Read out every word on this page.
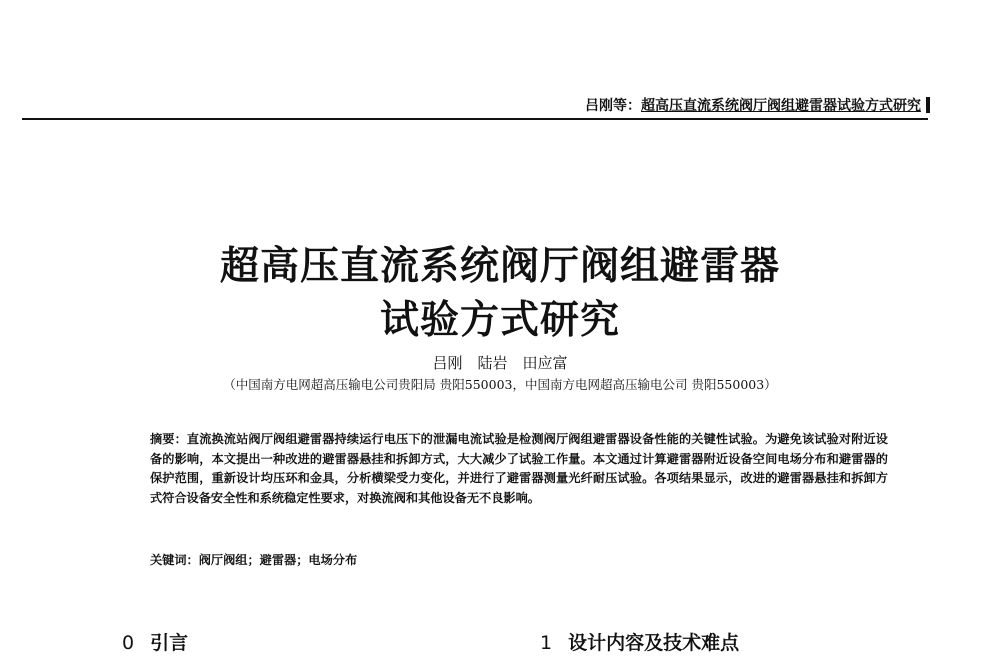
吕刚等： 超高压直流系统阀厅阀组避雷器试验方式研究
超高压直流系统阀厅阀组避雷器
试验方式研究
吕刚　陆岩　田应富
（中国南方电网超高压输电公司贵阳局 贵阳550003，中国南方电网超高压输电公司 贵阳550003）
摘要：直流换流站阀厅阀组避雷器持续运行电压下的泄漏电流试验是检测阀厅阀组避雷器设备性能的关键性试验。为避免该试验对附近设备的影响，本文提出一种改进的避雷器悬挂和拆卸方式，大大减少了试验工作量。本文通过计算避雷器附近设备空间电场分布和避雷器的保护范围，重新设计均压环和金具，分析横梁受力变化，并进行了避雷器测量光纤耐压试验。各项结果显示，改进的避雷器悬挂和拆卸方式符合设备安全性和系统稳定性要求，对换流阀和其他设备无不良影响。
关键词：阀厅阀组；避雷器；电场分布
0 引言	1 设计内容及技术难点
